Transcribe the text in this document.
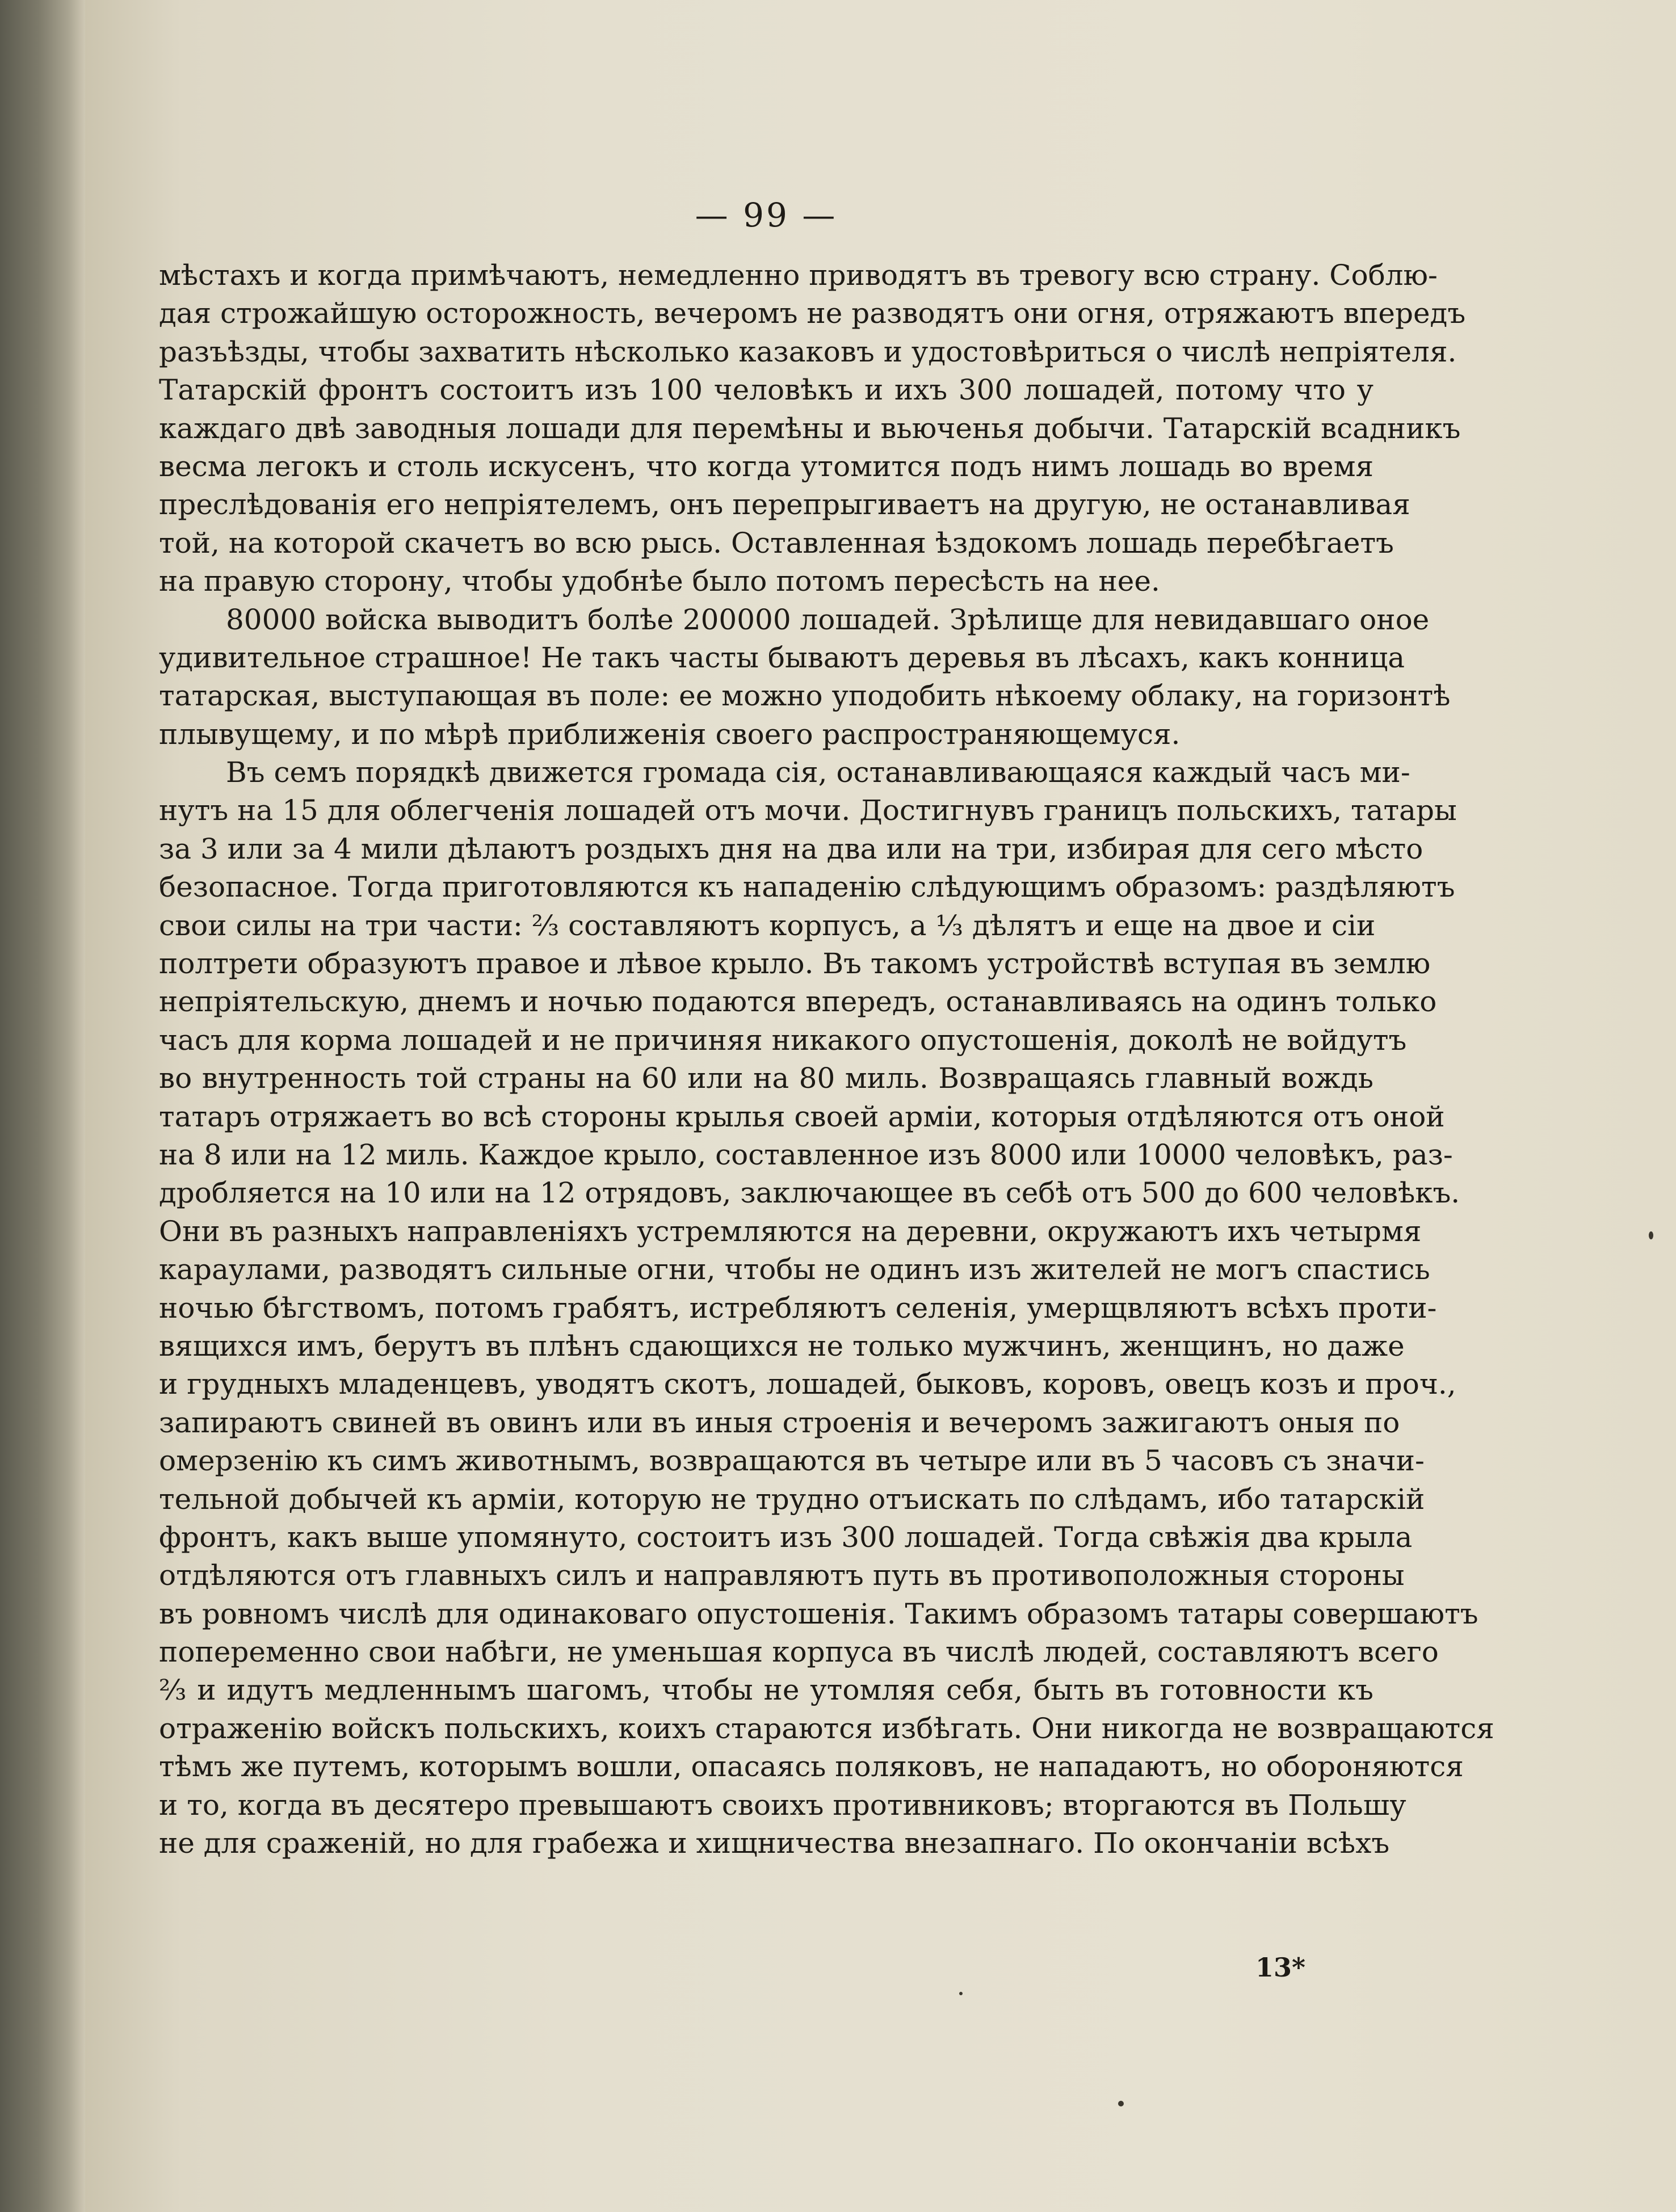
— 99 —
мѣстахъ и когда примѣчаютъ, немедленно приводятъ въ тревогу всю страну. Соблю-
дая строжайшую осторожность, вечеромъ не разводятъ они огня, отряжаютъ впередъ
разъѣзды, чтобы захватить нѣсколько казаковъ и удостовѣриться о числѣ непріятеля.
Татарскій фронтъ состоитъ изъ 100 человѣкъ и ихъ 300 лошадей, потому что у
каждаго двѣ заводныя лошади для перемѣны и вьюченья добычи. Татарскій всадникъ
весма легокъ и столь искусенъ, что когда утомится подъ нимъ лошадь во время
преслѣдованія его непріятелемъ, онъ перепрыгиваетъ на другую, не останавливая
той, на которой скачетъ во всю рысь. Оставленная ѣздокомъ лошадь перебѣгаетъ
на правую сторону, чтобы удобнѣе было потомъ пересѣсть на нее.
80000 войска выводитъ болѣе 200000 лошадей. Зрѣлище для невидавшаго оное
удивительное страшное! Не такъ часты бываютъ деревья въ лѣсахъ, какъ конница
татарская, выступающая въ поле: ее можно уподобить нѣкоему облаку, на горизонтѣ
плывущему, и по мѣрѣ приближенія своего распространяющемуся.
Въ семъ порядкѣ движется громада сія, останавливающаяся каждый часъ ми-
нутъ на 15 для облегченія лошадей отъ мочи. Достигнувъ границъ польскихъ, татары
за 3 или за 4 мили дѣлаютъ роздыхъ дня на два или на три, избирая для сего мѣсто
безопасное. Тогда приготовляются къ нападенію слѣдующимъ образомъ: раздѣляютъ
свои силы на три части: ⅔ составляютъ корпусъ, а ⅓ дѣлятъ и еще на двое и сіи
полтрети образуютъ правое и лѣвое крыло. Въ такомъ устройствѣ вступая въ землю
непріятельскую, днемъ и ночью подаются впередъ, останавливаясь на одинъ только
часъ для корма лошадей и не причиняя никакого опустошенія, доколѣ не войдутъ
во внутренность той страны на 60 или на 80 миль. Возвращаясь главный вождь
татаръ отряжаетъ во всѣ стороны крылья своей арміи, которыя отдѣляются отъ оной
на 8 или на 12 миль. Каждое крыло, составленное изъ 8000 или 10000 человѣкъ, раз-
дробляется на 10 или на 12 отрядовъ, заключающее въ себѣ отъ 500 до 600 человѣкъ.
Они въ разныхъ направленіяхъ устремляются на деревни, окружаютъ ихъ четырмя
караулами, разводятъ сильные огни, чтобы не одинъ изъ жителей не могъ спастись
ночью бѣгствомъ, потомъ грабятъ, истребляютъ селенія, умерщвляютъ всѣхъ проти-
вящихся имъ, берутъ въ плѣнъ сдающихся не только мужчинъ, женщинъ, но даже
и грудныхъ младенцевъ, уводятъ скотъ, лошадей, быковъ, коровъ, овецъ козъ и проч.,
запираютъ свиней въ овинъ или въ иныя строенія и вечеромъ зажигаютъ оныя по
омерзенію къ симъ животнымъ, возвращаются въ четыре или въ 5 часовъ съ значи-
тельной добычей къ арміи, которую не трудно отъискать по слѣдамъ, ибо татарскій
фронтъ, какъ выше упомянуто, состоитъ изъ 300 лошадей. Тогда свѣжія два крыла
отдѣляются отъ главныхъ силъ и направляютъ путь въ противоположныя стороны
въ ровномъ числѣ для одинаковаго опустошенія. Такимъ образомъ татары совершаютъ
попеременно свои набѣги, не уменьшая корпуса въ числѣ людей, составляютъ всего
⅔ и идутъ медленнымъ шагомъ, чтобы не утомляя себя, быть въ готовности къ
отраженію войскъ польскихъ, коихъ стараются избѣгать. Они никогда не возвращаются
тѣмъ же путемъ, которымъ вошли, опасаясь поляковъ, не нападаютъ, но обороняются
и то, когда въ десятеро превышаютъ своихъ противниковъ; вторгаются въ Польшу
не для сраженій, но для грабежа и хищничества внезапнаго. По окончаніи всѣхъ
13*
